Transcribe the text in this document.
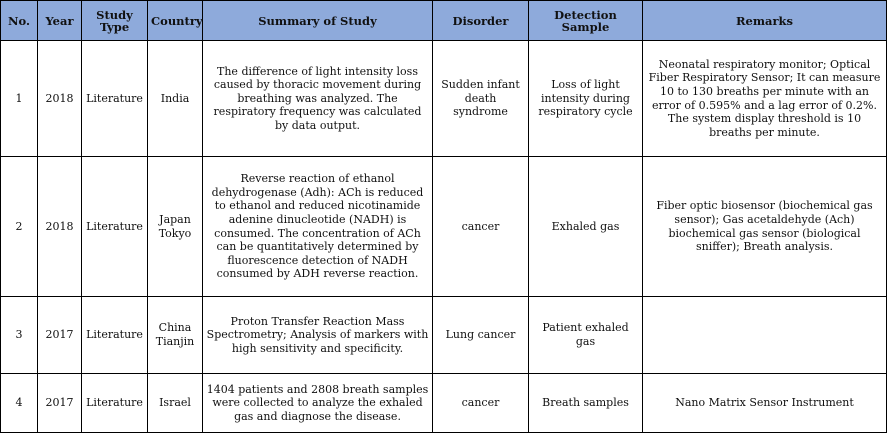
No.	Year	Study Type	Country	Summary of Study	Disorder	Detection Sample	Remarks
1	2018	Literature	India	The difference of light intensity loss caused by thoracic movement during breathing was analyzed. The respiratory frequency was calculated by data output.	Sudden infant death syndrome	Loss of light intensity during respiratory cycle	Neonatal respiratory monitor; Optical Fiber Respiratory Sensor; It can measure 10 to 130 breaths per minute with an error of 0.595% and a lag error of 0.2%. The system display threshold is 10 breaths per minute.
2	2018	Literature	Japan Tokyo	Reverse reaction of ethanol dehydrogenase (Adh): ACh is reduced to ethanol and reduced nicotinamide adenine dinucleotide (NADH) is consumed. The concentration of ACh can be quantitatively determined by fluorescence detection of NADH consumed by ADH reverse reaction.	cancer	Exhaled gas	Fiber optic biosensor (biochemical gas sensor); Gas acetaldehyde (Ach) biochemical gas sensor (biological sniffer); Breath analysis.
3	2017	Literature	China Tianjin	Proton Transfer Reaction Mass Spectrometry; Analysis of markers with high sensitivity and specificity.	Lung cancer	Patient exhaled gas	
4	2017	Literature	Israel	1404 patients and 2808 breath samples were collected to analyze the exhaled gas and diagnose the disease.	cancer	Breath samples	Nano Matrix Sensor Instrument
